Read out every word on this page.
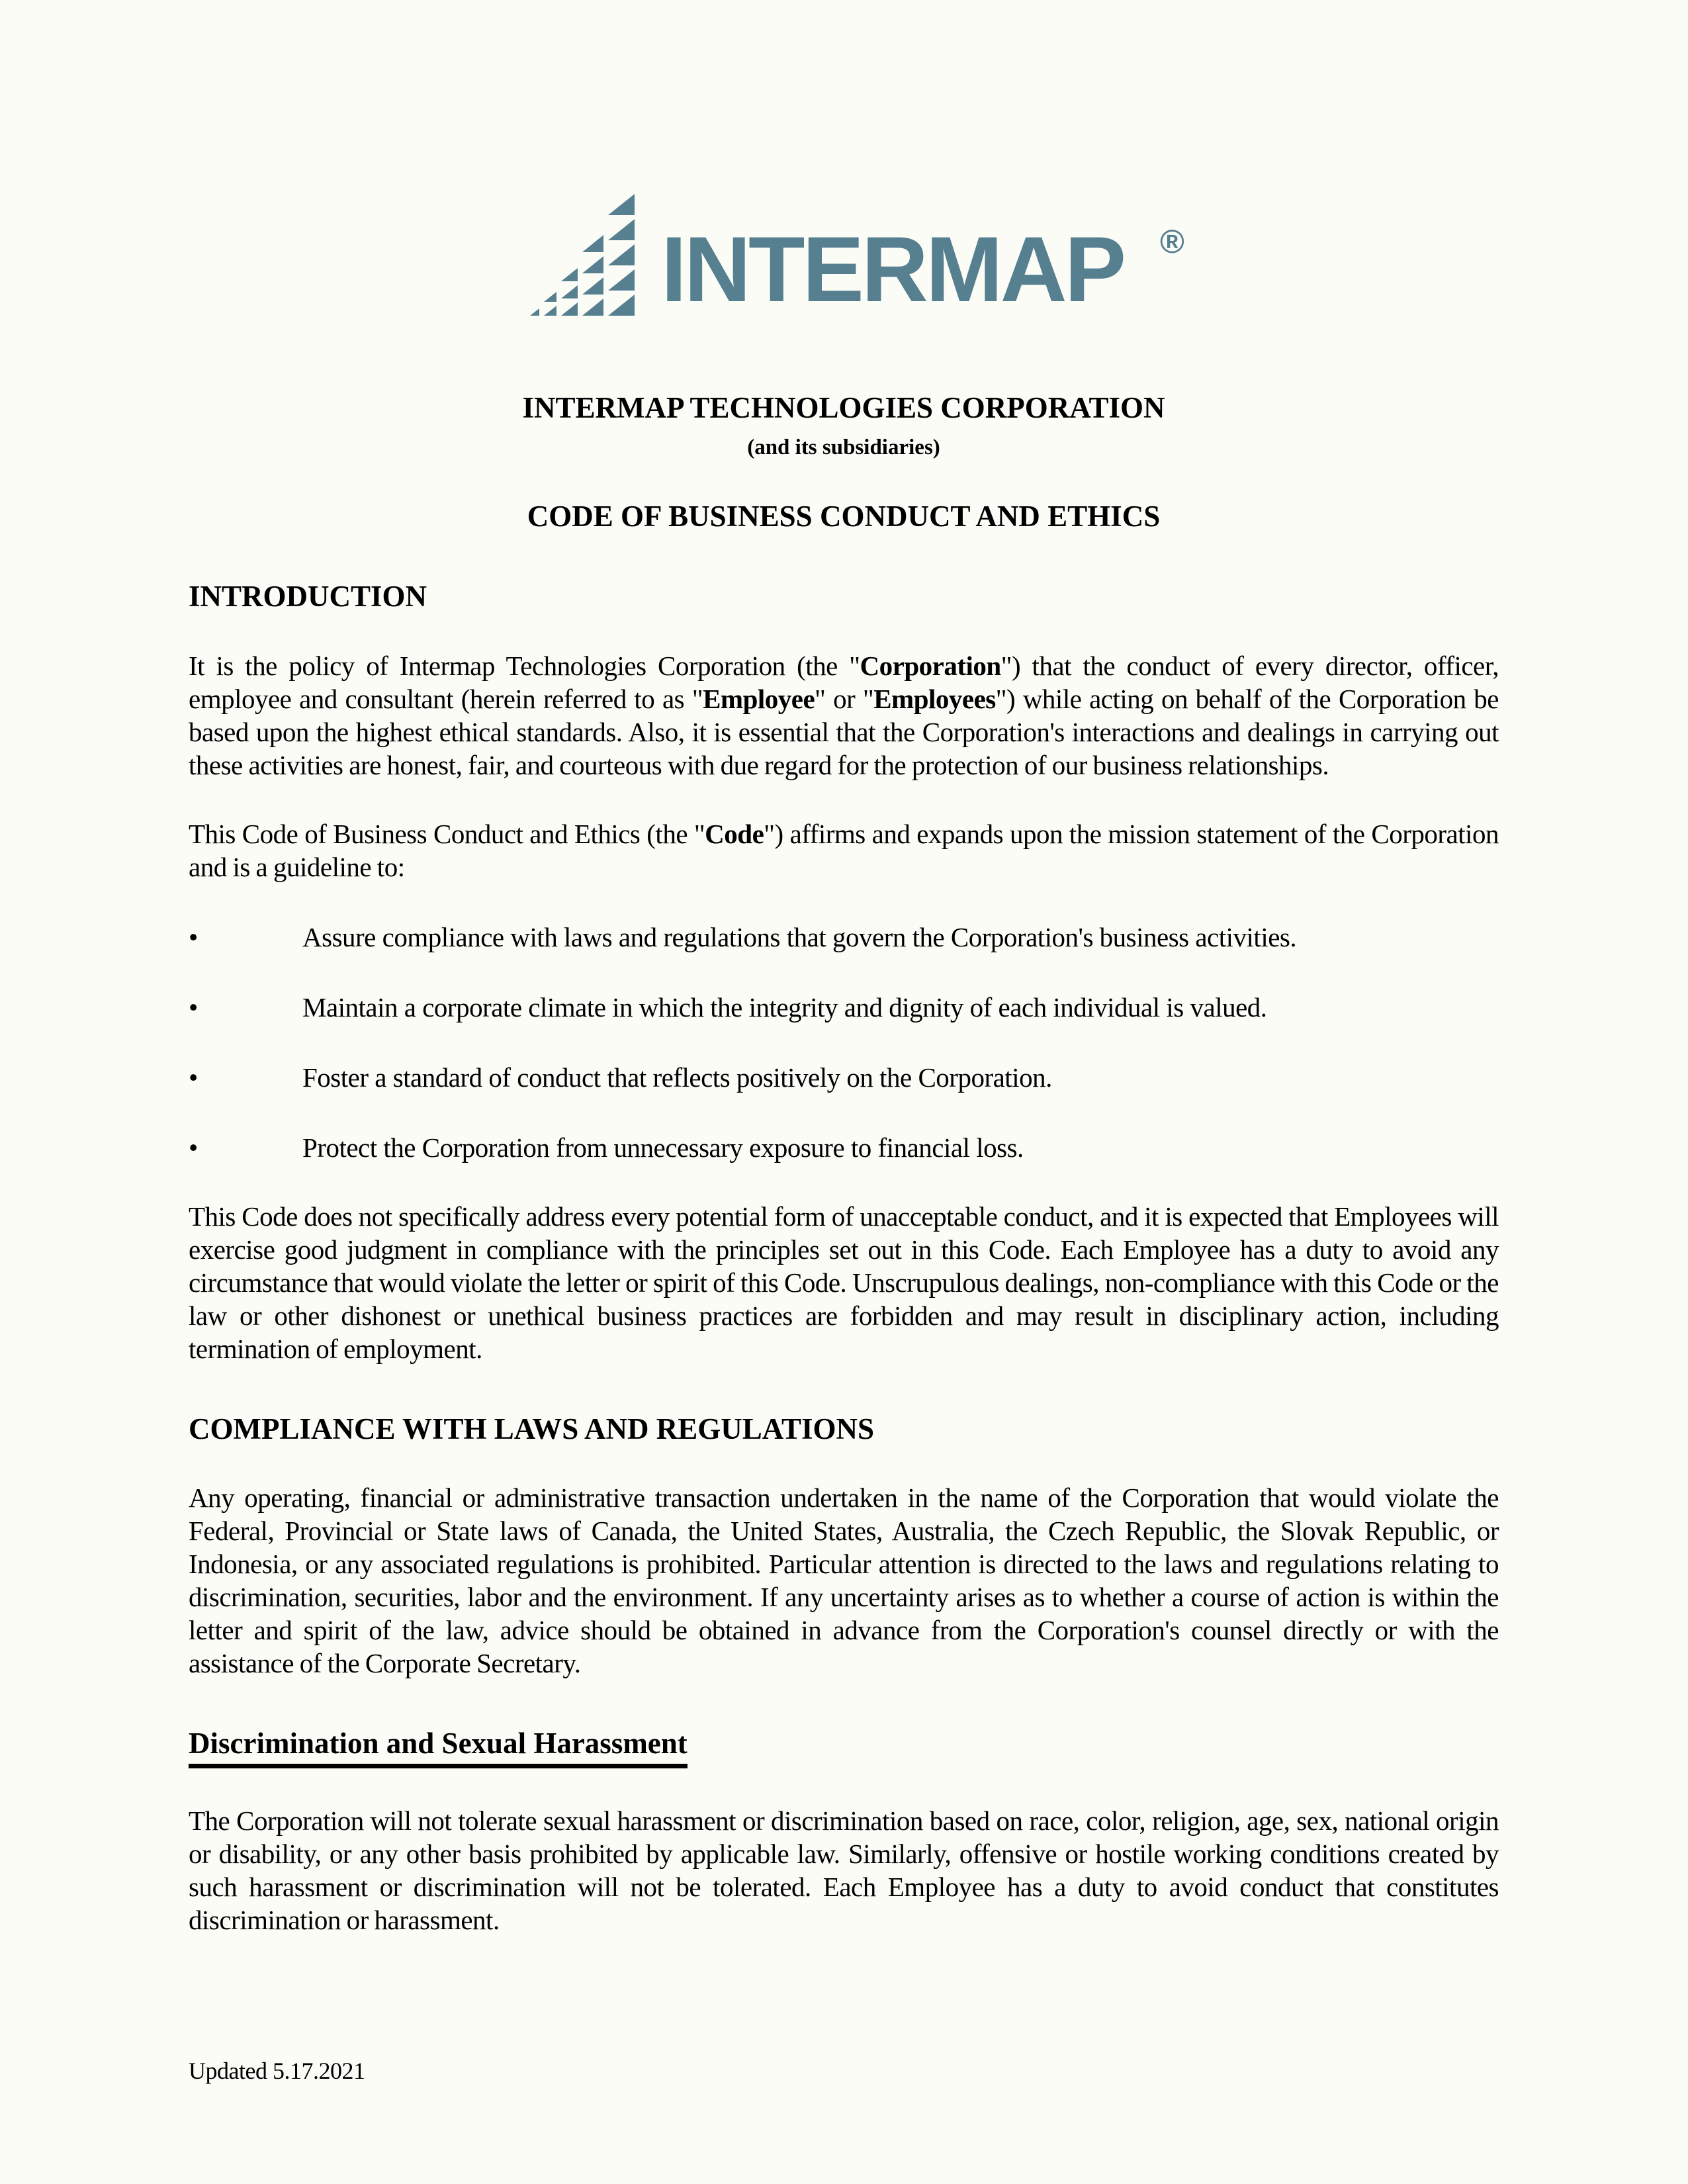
INTERMAP ®
INTERMAP TECHNOLOGIES CORPORATION
(and its subsidiaries)
CODE OF BUSINESS CONDUCT AND ETHICS
INTRODUCTION

It is the policy of Intermap Technologies Corporation (the "Corporation") that the conduct of every director, officer, employee and consultant (herein referred to as "Employee" or "Employees") while acting on behalf of the Corporation be based upon the highest ethical standards. Also, it is essential that the Corporation's interactions and dealings in carrying out these activities are honest, fair, and courteous with due regard for the protection of our business relationships.

This Code of Business Conduct and Ethics (the "Code") affirms and expands upon the mission statement of the Corporation and is a guideline to:

•	Assure compliance with laws and regulations that govern the Corporation's business activities.
•	Maintain a corporate climate in which the integrity and dignity of each individual is valued.
•	Foster a standard of conduct that reflects positively on the Corporation.
•	Protect the Corporation from unnecessary exposure to financial loss.

This Code does not specifically address every potential form of unacceptable conduct, and it is expected that Employees will exercise good judgment in compliance with the principles set out in this Code. Each Employee has a duty to avoid any circumstance that would violate the letter or spirit of this Code. Unscrupulous dealings, non-compliance with this Code or the law or other dishonest or unethical business practices are forbidden and may result in disciplinary action, including termination of employment.

COMPLIANCE WITH LAWS AND REGULATIONS

Any operating, financial or administrative transaction undertaken in the name of the Corporation that would violate the Federal, Provincial or State laws of Canada, the United States, Australia, the Czech Republic, the Slovak Republic, or Indonesia, or any associated regulations is prohibited. Particular attention is directed to the laws and regulations relating to discrimination, securities, labor and the environment. If any uncertainty arises as to whether a course of action is within the letter and spirit of the law, advice should be obtained in advance from the Corporation's counsel directly or with the assistance of the Corporate Secretary.

Discrimination and Sexual Harassment

The Corporation will not tolerate sexual harassment or discrimination based on race, color, religion, age, sex, national origin or disability, or any other basis prohibited by applicable law. Similarly, offensive or hostile working conditions created by such harassment or discrimination will not be tolerated. Each Employee has a duty to avoid conduct that constitutes discrimination or harassment.

Updated 5.17.2021
